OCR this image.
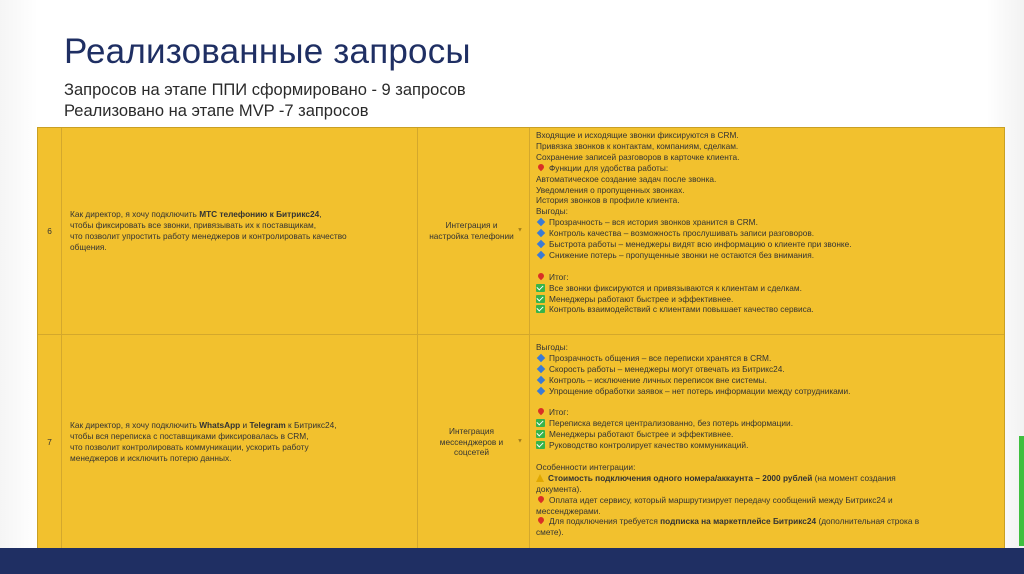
Реализованные запросы
Запросов на этапе ППИ сформировано - 9 запросов
Реализовано на этапе MVP -7 запросов
6
Как директор, я хочу подключить МТС телефонию к Битрикс24,
чтобы фиксировать все звонки, привязывать их к поставщикам,
что позволит упростить работу менеджеров и контролировать качество
общения.
Интеграция и настройка телефонии
▼
Входящие и исходящие звонки фиксируются в CRM.
Привязка звонков к контактам, компаниям, сделкам.
Сохранение записей разговоров в карточке клиента.
Функции для удобства работы:
Автоматическое создание задач после звонка.
Уведомления о пропущенных звонках.
История звонков в профиле клиента.
Выгоды:
Прозрачность – вся история звонков хранится в CRM.
Контроль качества – возможность прослушивать записи разговоров.
Быстрота работы – менеджеры видят всю информацию о клиенте при звонке.
Снижение потерь – пропущенные звонки не остаются без внимания.
Итог:
Все звонки фиксируются и привязываются к клиентам и сделкам.
Менеджеры работают быстрее и эффективнее.
Контроль взаимодействий с клиентами повышает качество сервиса.
7
Как директор, я хочу подключить WhatsApp и Telegram к Битрикс24,
чтобы вся переписка с поставщиками фиксировалась в CRM,
что позволит контролировать коммуникации, ускорить работу
менеджеров и исключить потерю данных.
Интеграция мессенджеров и соцсетей
▼
Выгоды:
Прозрачность общения – все переписки хранятся в CRM.
Скорость работы – менеджеры могут отвечать из Битрикс24.
Контроль – исключение личных переписок вне системы.
Упрощение обработки заявок – нет потерь информации между сотрудниками.
Итог:
Переписка ведется централизованно, без потерь информации.
Менеджеры работают быстрее и эффективнее.
Руководство контролирует качество коммуникаций.
Особенности интеграции:
Стоимость подключения одного номера/аккаунта – 2000 рублей (на момент создания
документа).
Оплата идет сервису, который маршрутизирует передачу сообщений между Битрикс24 и
мессенджерами.
Для подключения требуется подписка на маркетплейсе Битрикс24 (дополнительная строка в
смете).
